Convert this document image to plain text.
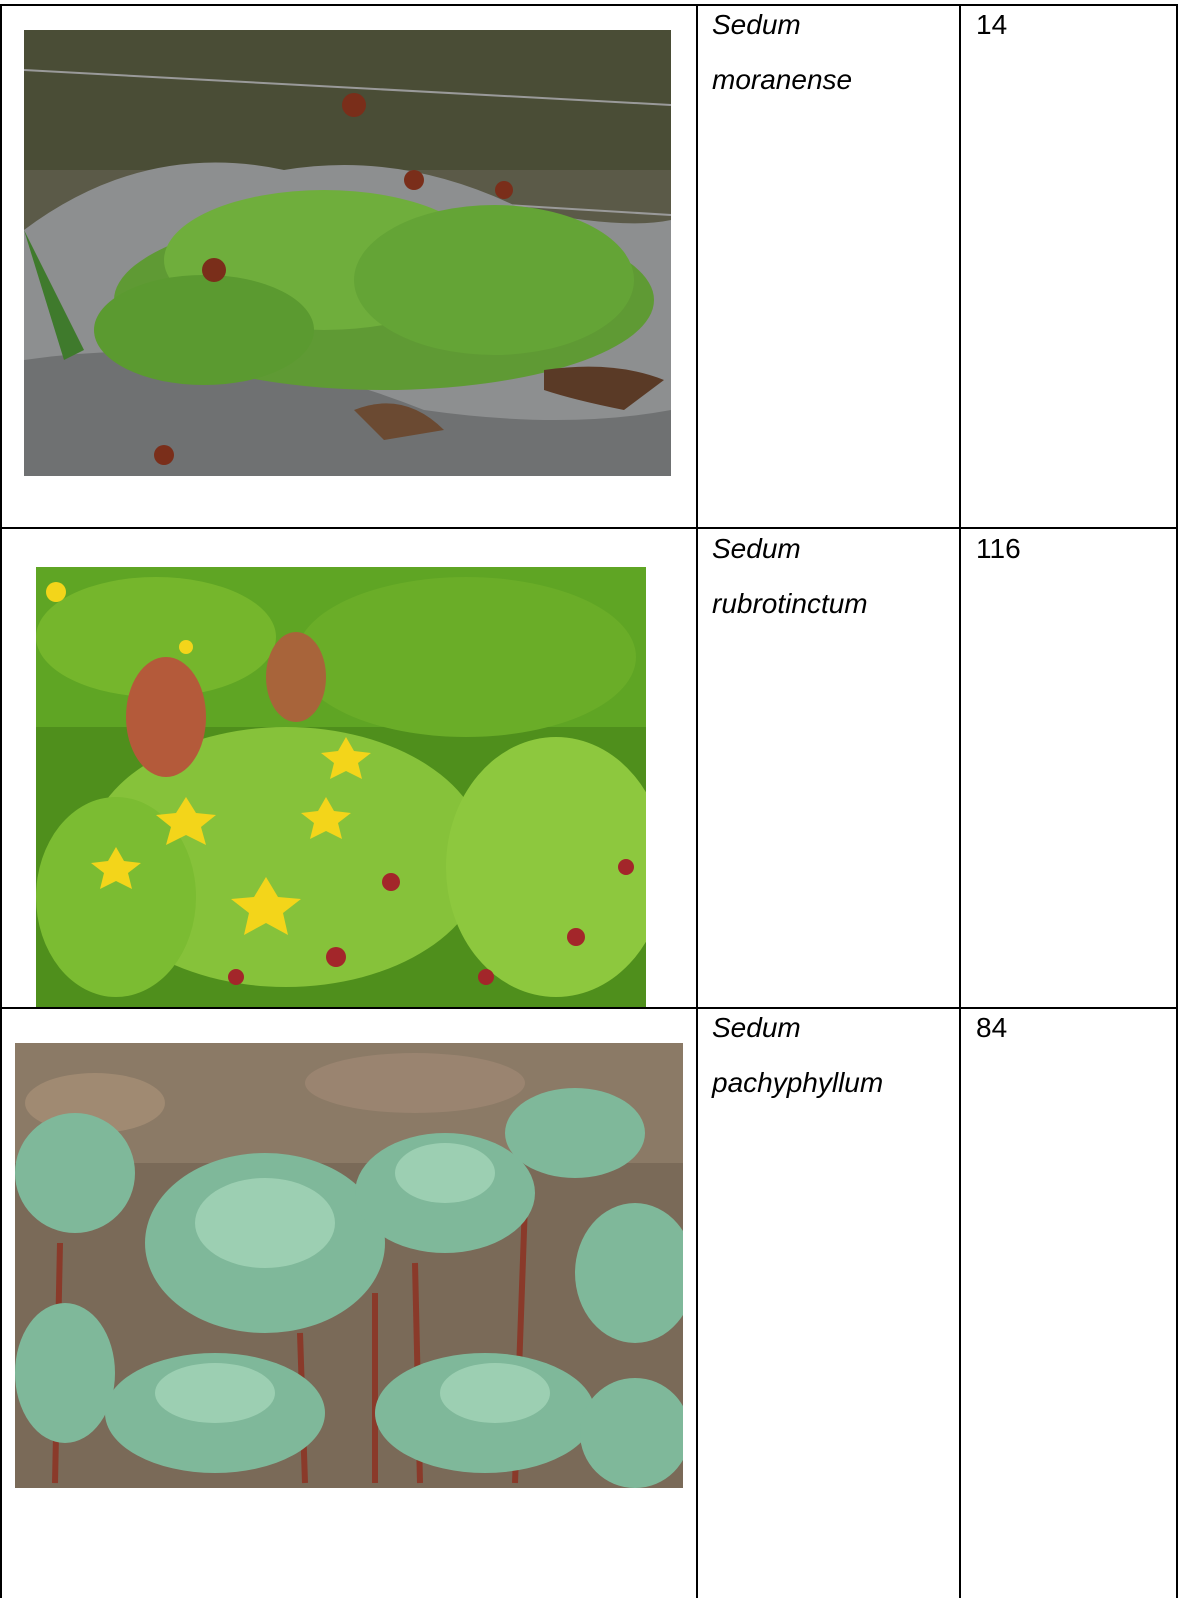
Sedum
moranense
14
Sedum
rubrotinctum
116
Sedum
pachyphyllum
84
